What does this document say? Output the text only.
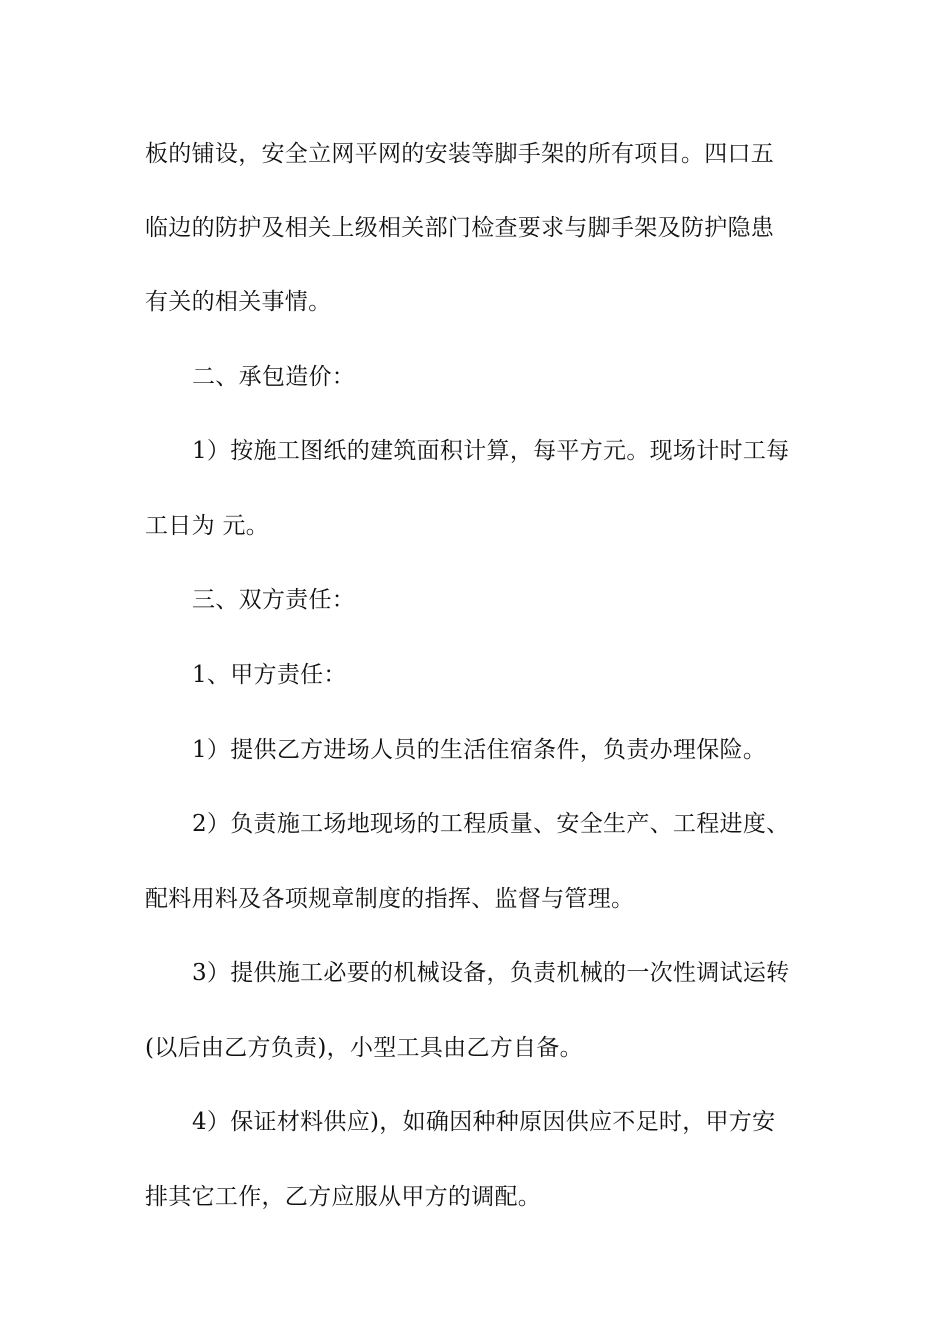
板的铺设，安全立网平网的安装等脚手架的所有项目。四口五
临边的防护及相关上级相关部门检查要求与脚手架及防护隐患
有关的相关事情。
二、承包造价：
1）按施工图纸的建筑面积计算，每平方元。现场计时工每
工日为 元。
三、双方责任：
1、甲方责任：
1）提供乙方进场人员的生活住宿条件，负责办理保险。
2）负责施工场地现场的工程质量、安全生产、工程进度、
配料用料及各项规章制度的指挥、监督与管理。
3）提供施工必要的机械设备，负责机械的一次性调试运转
(以后由乙方负责)，小型工具由乙方自备。
4）保证材料供应)，如确因种种原因供应不足时，甲方安
排其它工作，乙方应服从甲方的调配。
